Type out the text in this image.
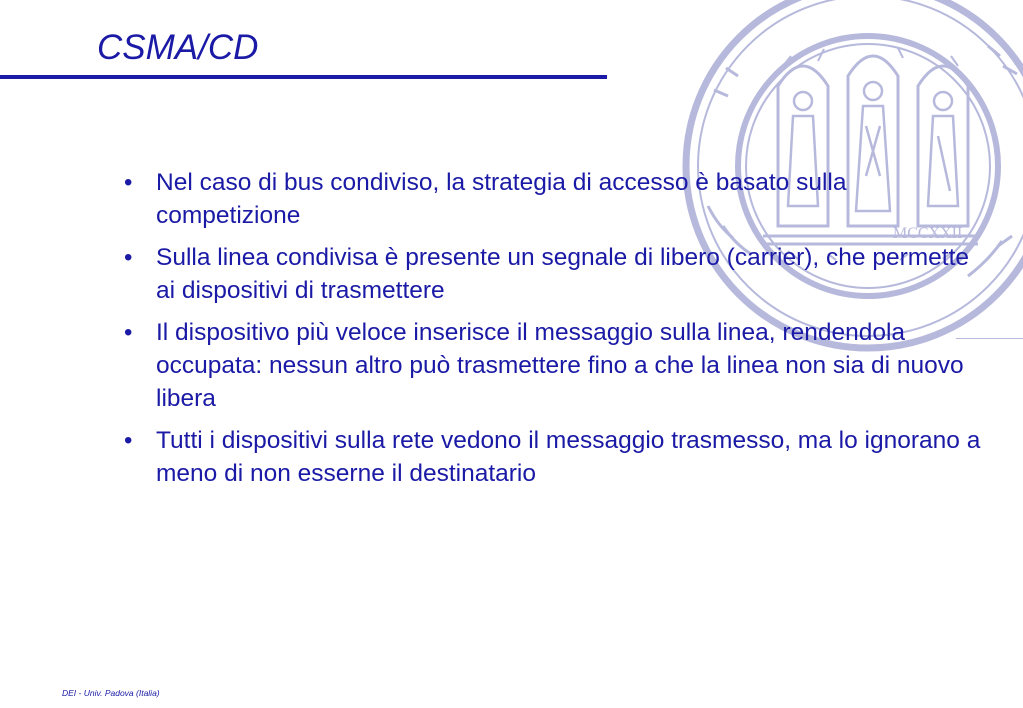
MCCXXII
CSMA/CD
• Nel caso di bus condiviso, la strategia di accesso è basato sulla competizione
• Sulla linea condivisa è presente un segnale di libero (carrier), che permette ai dispositivi di trasmettere
• Il dispositivo più veloce inserisce il messaggio sulla linea, rendendola occupata: nessun altro può trasmettere fino a che la linea non sia di nuovo libera
• Tutti i dispositivi sulla rete vedono il messaggio trasmesso, ma lo ignorano a meno di non esserne il destinatario
DEI - Univ. Padova (Italia)
